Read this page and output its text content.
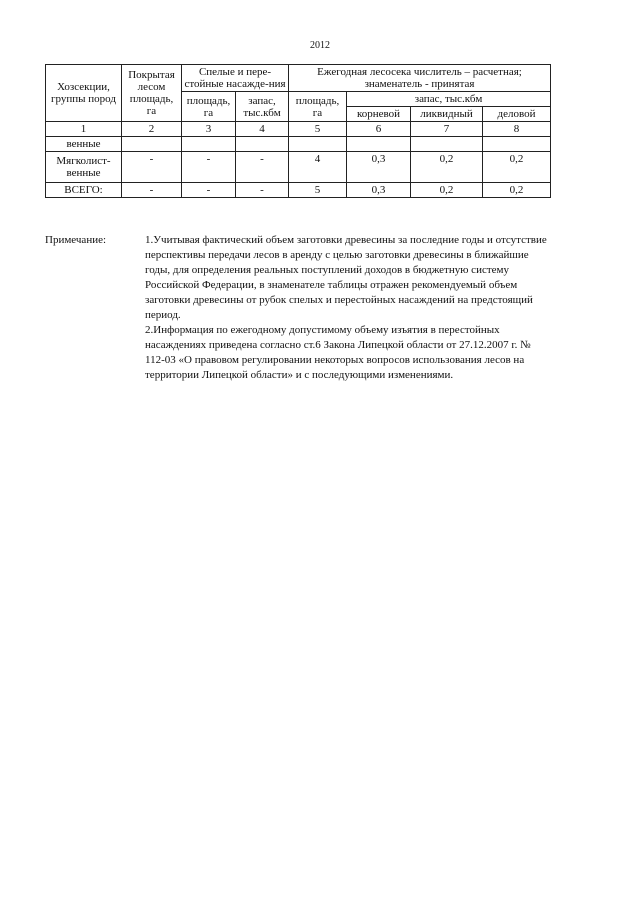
2012
Хозсекции, группы пород	Покрытая лесом площадь, га	Спелые и пере-стойные насажде-ния		Ежегодная лесосека числитель – расчетная; знаменатель - принятая			
		площадь, га	запас, тыс.кбм	площадь, га	запас, тыс.кбм		
					корневой	ликвидный	деловой
1	2	3	4	5	6	7	8
венные							
Мягколист-венные	-	-	-	4	0,3	0,2	0,2
ВСЕГО:	-	-	-	5	0,3	0,2	0,2
Примечание:	1.Учитывая фактический объем заготовки древесины за последние годы и отсутствие перспективы передачи лесов в аренду с целью заготовки древесины в ближайшие годы, для определения реальных поступлений доходов в бюджетную систему Российской Федерации, в знаменателе таблицы отражен рекомендуемый объем заготовки древесины от рубок спелых и перестойных насаждений на предстоящий период.

2.Информация по ежегодному допустимому объему изъятия в перестойных насаждениях приведена согласно ст.6 Закона Липецкой области от 27.12.2007 г. № 112-03 «О правовом регулировании некоторых вопросов использования лесов на территории Липецкой области» и с последующими изменениями.
